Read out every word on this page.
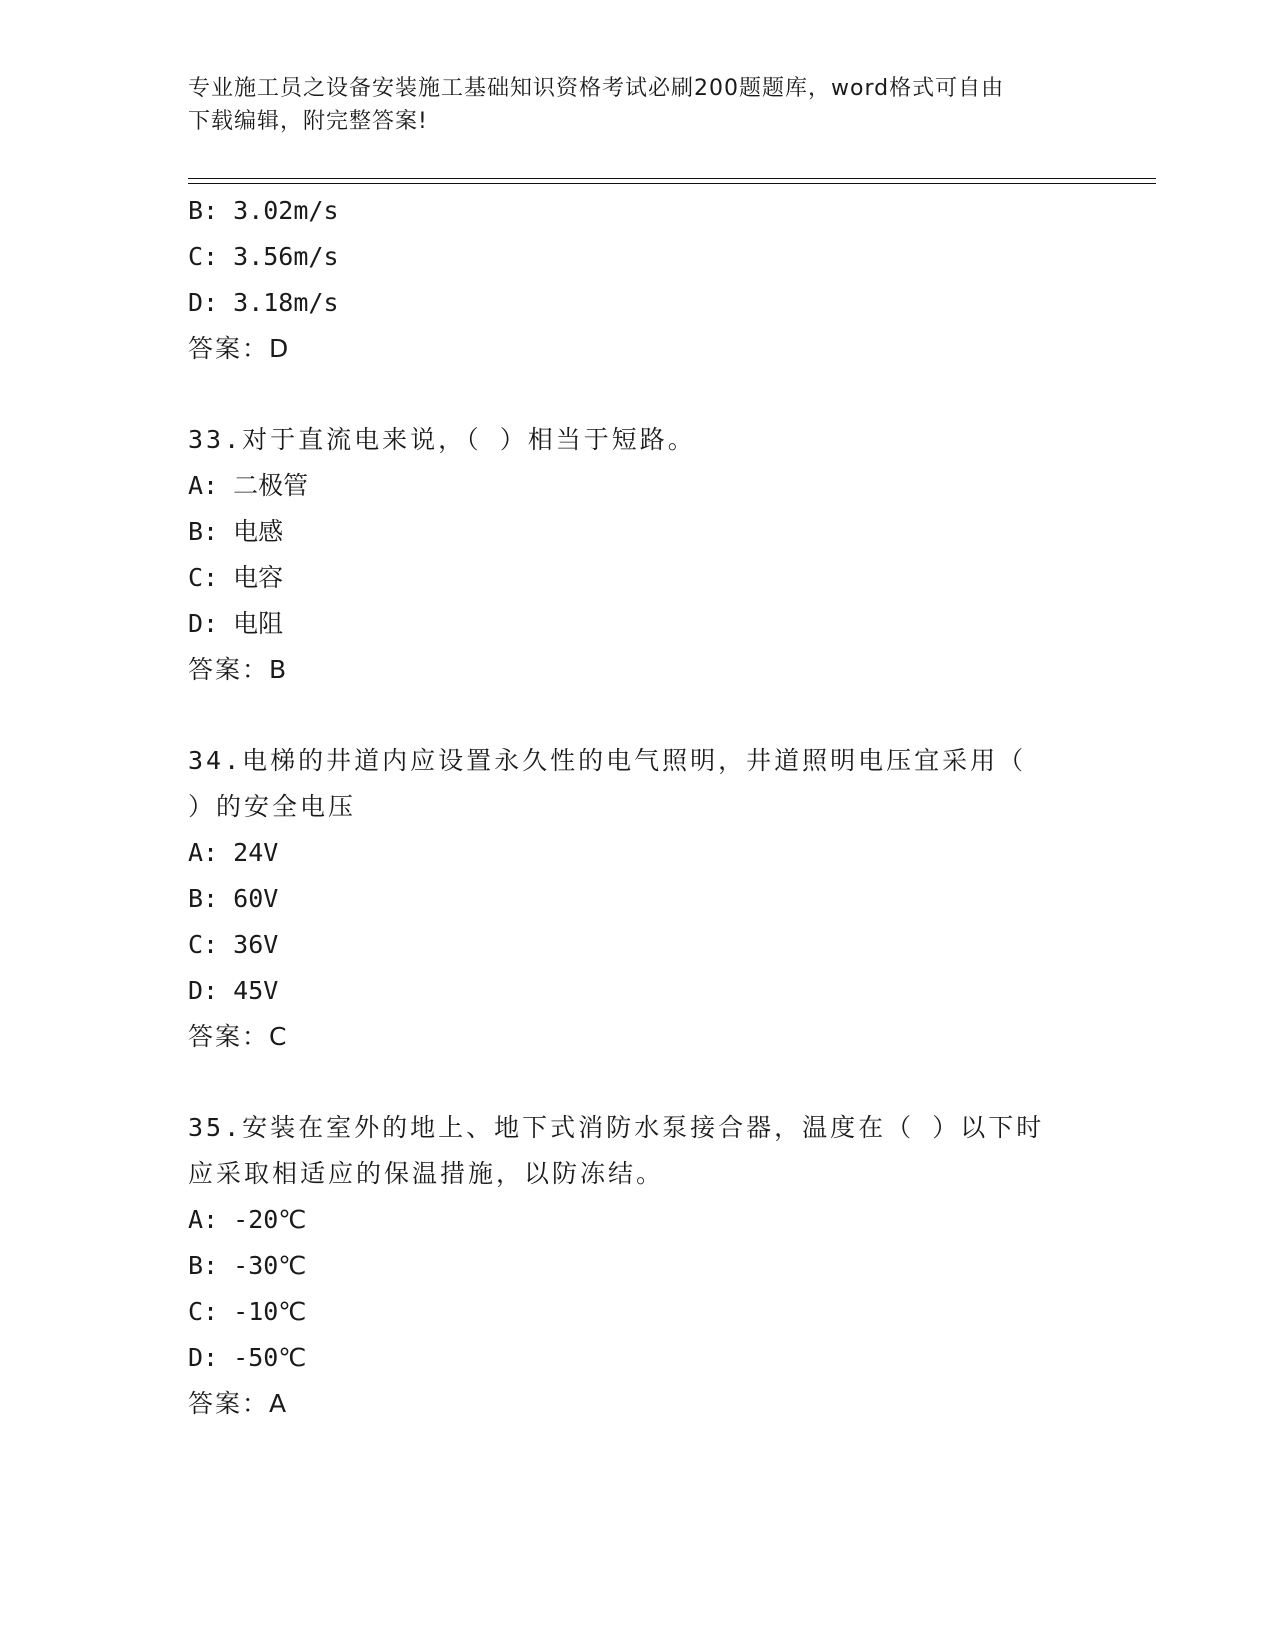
专业施工员之设备安装施工基础知识资格考试必刷200题题库，word格式可自由
下载编辑，附完整答案!
B: 3.02m/s
C: 3.56m/s
D: 3.18m/s
答案：D
33.对于直流电来说，（ ）相当于短路。
A: 二极管
B: 电感
C: 电容
D: 电阻
答案：B
34.电梯的井道内应设置永久性的电气照明，井道照明电压宜采用（
）的安全电压
A: 24V
B: 60V
C: 36V
D: 45V
答案：C
35.安装在室外的地上、地下式消防水泵接合器，温度在（ ）以下时
应采取相适应的保温措施，以防冻结。
A: -20℃
B: -30℃
C: -10℃
D: -50℃
答案：A
